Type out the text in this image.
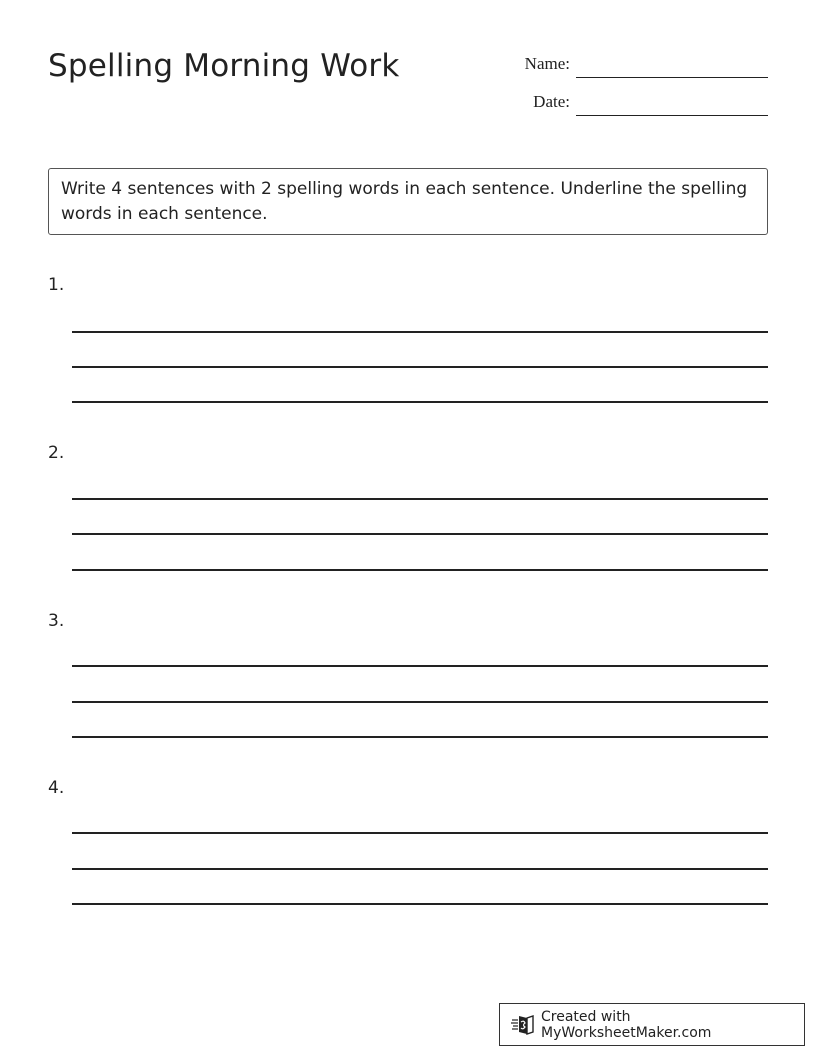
Spelling Morning Work	Name:
Date:
Write 4 sentences with 2 spelling words in each sentence. Underline the spelling words in each sentence.
1.
2.
3.
4.
Created with MyWorksheetMaker.com
